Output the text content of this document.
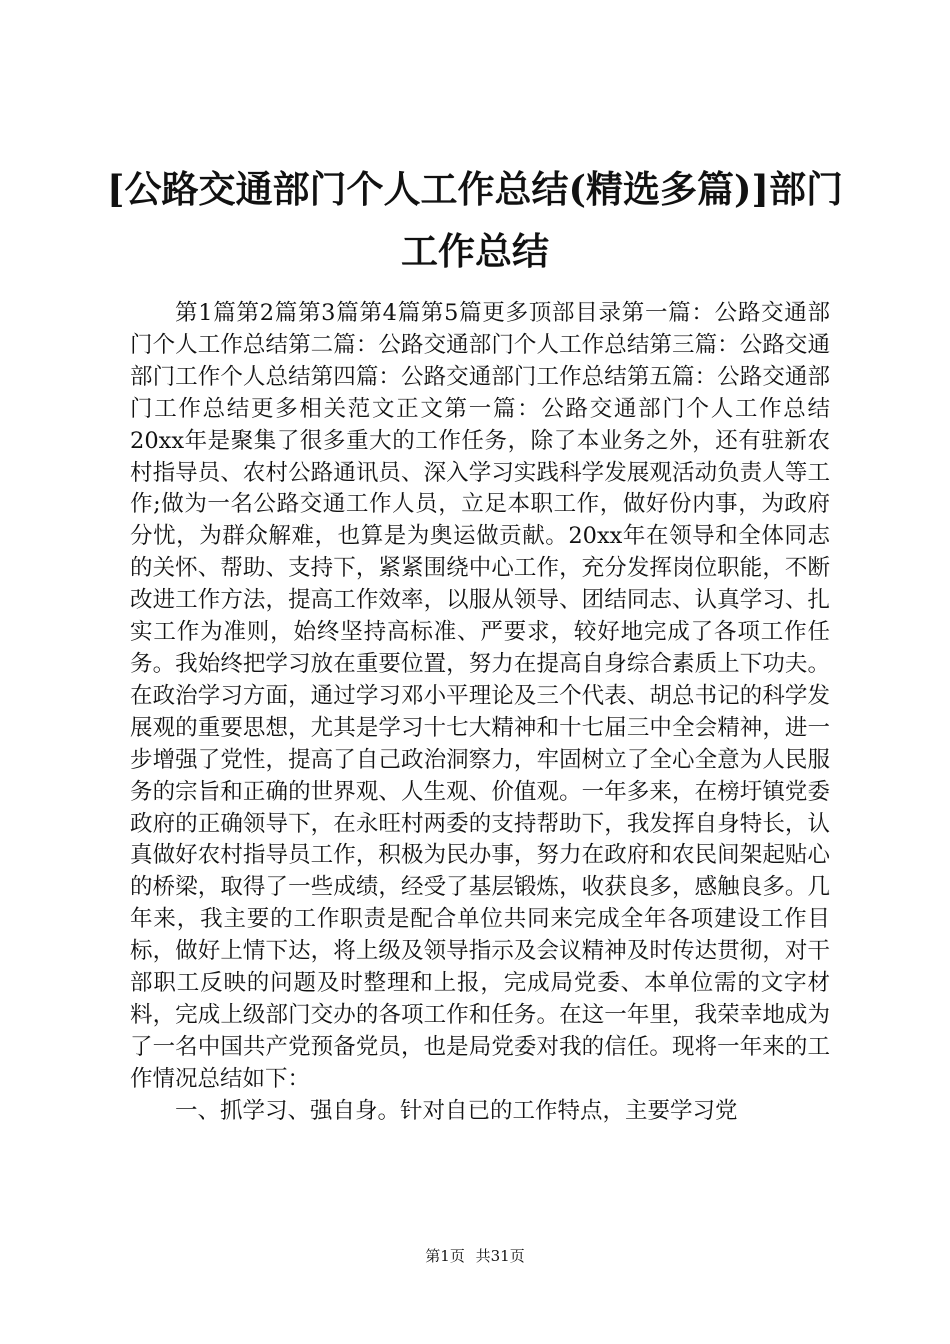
[公路交通部门个人工作总结(精选多篇)]部门
工作总结

第1篇第2篇第3篇第4篇第5篇更多顶部目录第一篇：公路交通部门个人工作总结第二篇：公路交通部门个人工作总结第三篇：公路交通部门工作个人总结第四篇：公路交通部门工作总结第五篇：公路交通部门工作总结更多相关范文正文第一篇：公路交通部门个人工作总结20xx年是聚集了很多重大的工作任务，除了本业务之外，还有驻新农村指导员、农村公路通讯员、深入学习实践科学发展观活动负责人等工作;做为一名公路交通工作人员，立足本职工作，做好份内事，为政府分忧，为群众解难，也算是为奥运做贡献。20xx年在领导和全体同志的关怀、帮助、支持下，紧紧围绕中心工作，充分发挥岗位职能，不断改进工作方法，提高工作效率，以服从领导、团结同志、认真学习、扎实工作为准则，始终坚持高标准、严要求，较好地完成了各项工作任务。我始终把学习放在重要位置，努力在提高自身综合素质上下功夫。在政治学习方面，通过学习邓小平理论及三个代表、胡总书记的科学发展观的重要思想，尤其是学习十七大精神和十七届三中全会精神，进一步增强了党性，提高了自己政治洞察力，牢固树立了全心全意为人民服务的宗旨和正确的世界观、人生观、价值观。一年多来，在榜圩镇党委政府的正确领导下，在永旺村两委的支持帮助下，我发挥自身特长，认真做好农村指导员工作，积极为民办事，努力在政府和农民间架起贴心的桥梁，取得了一些成绩，经受了基层锻炼，收获良多，感触良多。几年来，我主要的工作职责是配合单位共同来完成全年各项建设工作目标，做好上情下达，将上级及领导指示及会议精神及时传达贯彻，对干部职工反映的问题及时整理和上报，完成局党委、本单位需的文字材料，完成上级部门交办的各项工作和任务。在这一年里，我荣幸地成为了一名中国共产党预备党员，也是局党委对我的信任。现将一年来的工作情况总结如下：

一、抓学习、强自身。针对自已的工作特点，主要学习党

第1页 共31页
